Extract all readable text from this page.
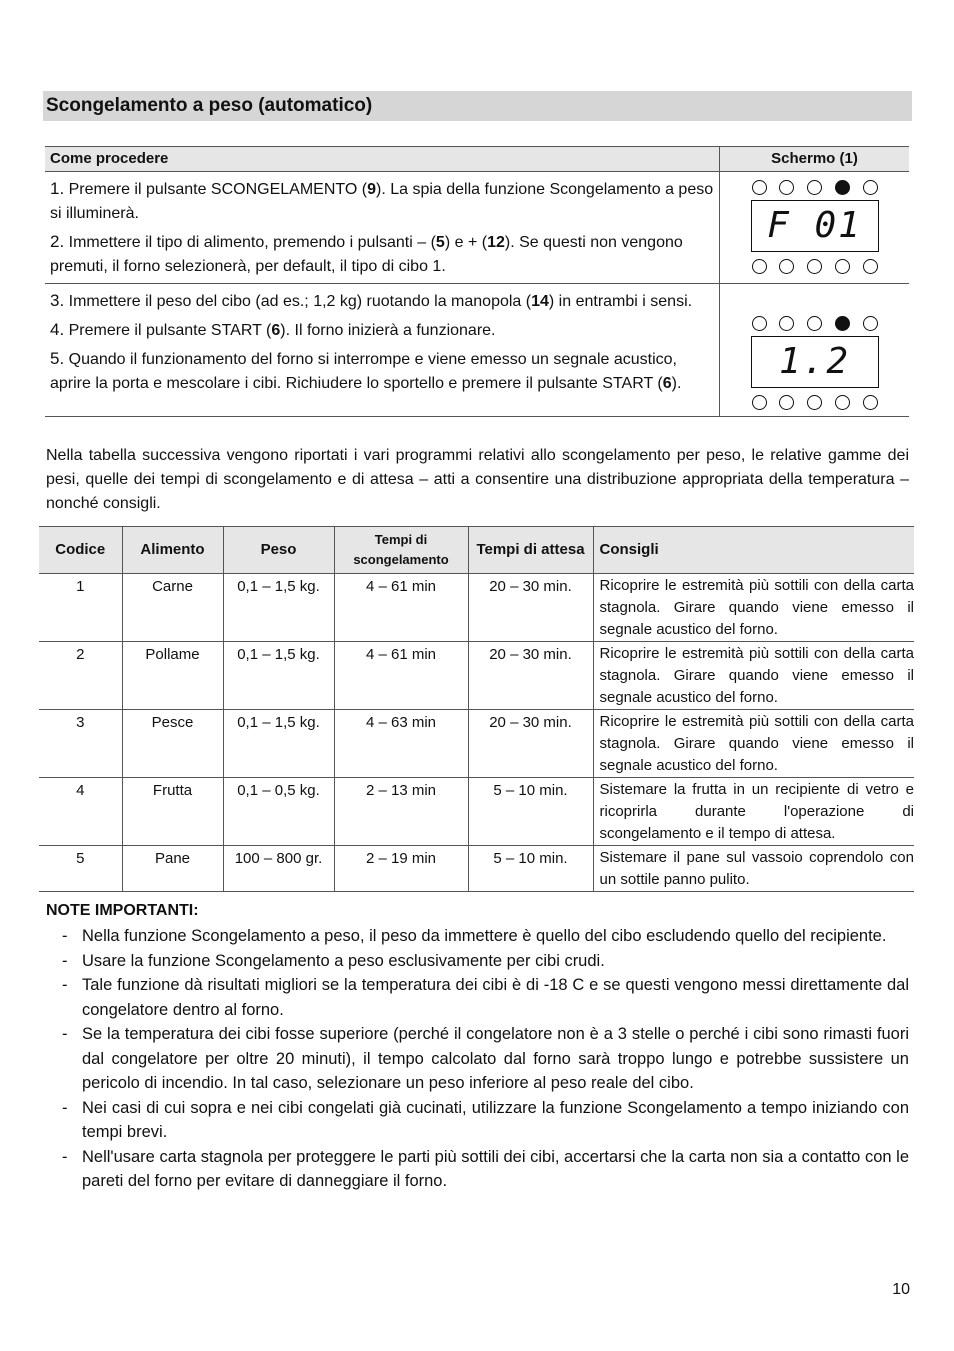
Scongelamento a peso (automatico)
Come procedere	Schermo (1)

1. Premere il pulsante SCONGELAMENTO (9). La spia della funzione Scongelamento a peso si illuminerà.

2. Immettere il tipo di alimento, premendo i pulsanti – (5) e + (12). Se questi non vengono premuti, il forno selezionerà, per default, il tipo di cibo 1.	F 01

3. Immettere il peso del cibo (ad es.; 1,2 kg) ruotando la manopola (14) in entrambi i sensi.

4. Premere il pulsante START (6). Il forno inizierà a funzionare.

5. Quando il funzionamento del forno si interrompe e viene emesso un segnale acustico, aprire la porta e mescolare i cibi. Richiudere lo sportello e premere il pulsante START (6).	1.2

Nella tabella successiva vengono riportati i vari programmi relativi allo scongelamento per peso, le relative gamme dei pesi, quelle dei tempi di scongelamento e di attesa – atti a consentire una distribuzione appropriata della temperatura – nonché consigli.

Codice	Alimento	Peso	Tempi di scongelamento	Tempi di attesa	Consigli
1	Carne	0,1 – 1,5 kg.	4 – 61 min	20 – 30 min.	Ricoprire le estremità più sottili con della carta stagnola. Girare quando viene emesso il segnale acustico del forno.
2	Pollame	0,1 – 1,5 kg.	4 – 61 min	20 – 30 min.	Ricoprire le estremità più sottili con della carta stagnola. Girare quando viene emesso il segnale acustico del forno.
3	Pesce	0,1 – 1,5 kg.	4 – 63 min	20 – 30 min.	Ricoprire le estremità più sottili con della carta stagnola. Girare quando viene emesso il segnale acustico del forno.
4	Frutta	0,1 – 0,5 kg.	2 – 13 min	5 – 10 min.	Sistemare la frutta in un recipiente di vetro e ricoprirla durante l'operazione di scongelamento e il tempo di attesa.
5	Pane	100 – 800 gr.	2 – 19 min	5 – 10 min.	Sistemare il pane sul vassoio coprendolo con un sottile panno pulito.
NOTE IMPORTANTI:
- Nella funzione Scongelamento a peso, il peso da immettere è quello del cibo escludendo quello del recipiente.
- Usare la funzione Scongelamento a peso esclusivamente per cibi crudi.
- Tale funzione dà risultati migliori se la temperatura dei cibi è di -18 C e se questi vengono messi direttamente dal congelatore dentro al forno.
- Se la temperatura dei cibi fosse superiore (perché il congelatore non è a 3 stelle o perché i cibi sono rimasti fuori dal congelatore per oltre 20 minuti), il tempo calcolato dal forno sarà troppo lungo e potrebbe sussistere un pericolo di incendio. In tal caso, selezionare un peso inferiore al peso reale del cibo.
- Nei casi di cui sopra e nei cibi congelati già cucinati, utilizzare la funzione Scongelamento a tempo iniziando con tempi brevi.
- Nell'usare carta stagnola per proteggere le parti più sottili dei cibi, accertarsi che la carta non sia a contatto con le pareti del forno per evitare di danneggiare il forno.
10
